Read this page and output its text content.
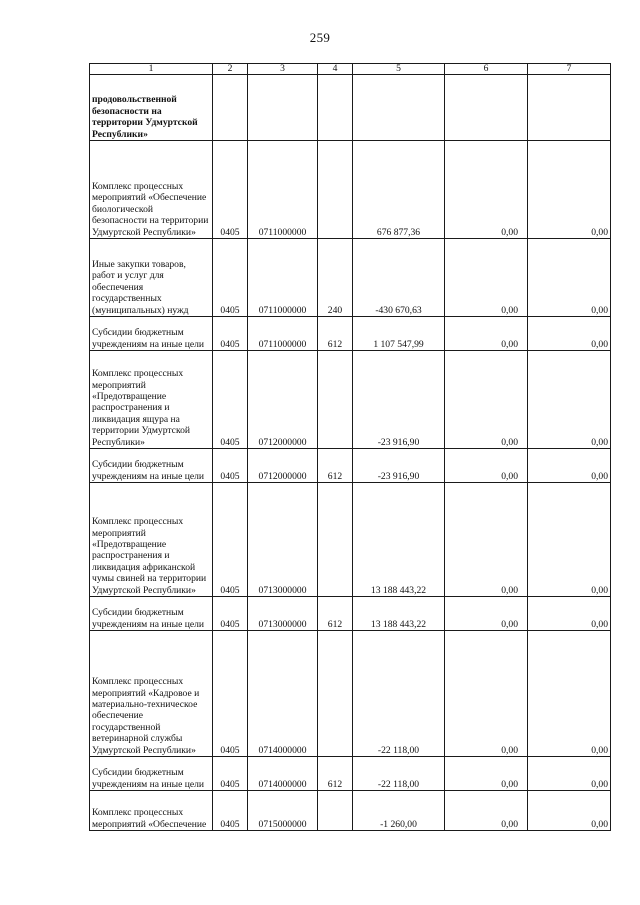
259
1	2	3	4	5	6	7
продовольственной безопасности на территории Удмуртской Республики»						
Комплекс процессных мероприятий «Обеспечение биологической безопасности на территории Удмуртской Республики»	0405	0711000000		676 877,36	0,00	0,00
Иные закупки товаров, работ и услуг для обеспечения государственных (муниципальных) нужд	0405	0711000000	240	-430 670,63	0,00	0,00
Субсидии бюджетным учреждениям на иные цели	0405	0711000000	612	1 107 547,99	0,00	0,00
Комплекс процессных мероприятий «Предотвращение распространения и ликвидация ящура на территории Удмуртской Республики»	0405	0712000000		-23 916,90	0,00	0,00
Субсидии бюджетным учреждениям на иные цели	0405	0712000000	612	-23 916,90	0,00	0,00
Комплекс процессных мероприятий «Предотвращение распространения и ликвидация африканской чумы свиней на территории Удмуртской Республики»	0405	0713000000		13 188 443,22	0,00	0,00
Субсидии бюджетным учреждениям на иные цели	0405	0713000000	612	13 188 443,22	0,00	0,00
Комплекс процессных мероприятий «Кадровое и материально-техническое обеспечение государственной ветеринарной службы Удмуртской Республики»	0405	0714000000		-22 118,00	0,00	0,00
Субсидии бюджетным учреждениям на иные цели	0405	0714000000	612	-22 118,00	0,00	0,00
Комплекс процессных мероприятий «Обеспечение	0405	0715000000		-1 260,00	0,00	0,00
